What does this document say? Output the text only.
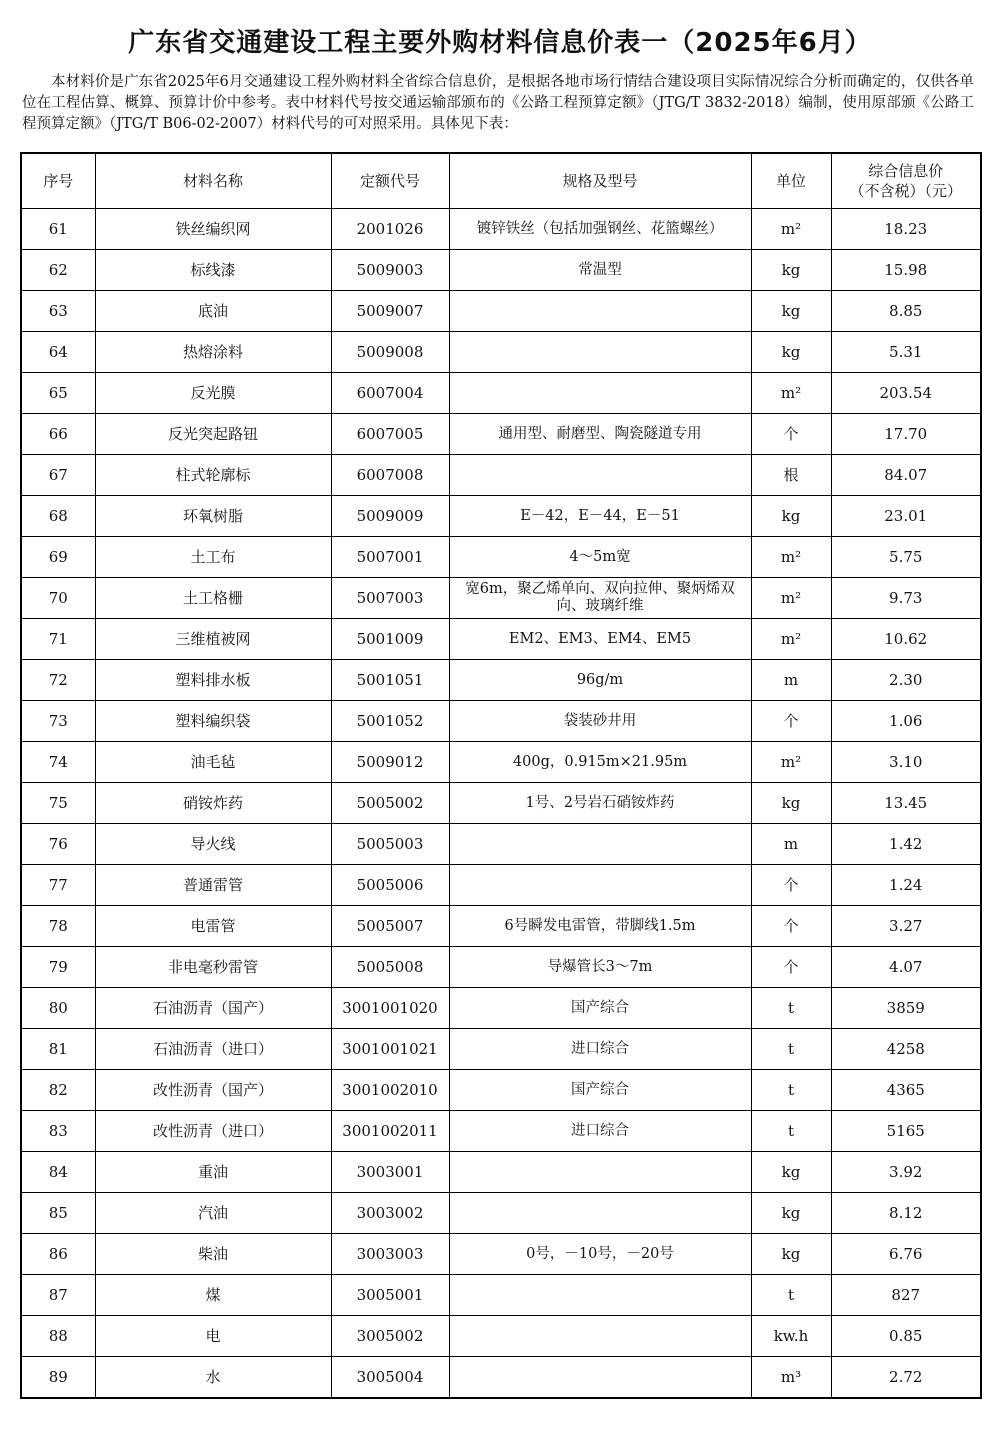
广东省交通建设工程主要外购材料信息价表一（2025年6月）
本材料价是广东省2025年6月交通建设工程外购材料全省综合信息价，是根据各地市场行情结合建设项目实际情况综合分析而确定的，仅供各单位在工程估算、概算、预算计价中参考。表中材料代号按交通运输部颁布的《公路工程预算定额》（JTG/T 3832-2018）编制，使用原部颁《公路工程预算定额》（JTG/T B06-02-2007）材料代号的可对照采用。具体见下表：
序号	材料名称	定额代号	规格及型号	单位	综合信息价
（不含税）（元）

61	铁丝编织网	2001026	镀锌铁丝（包括加强钢丝、花篮螺丝）	m²	18.23
62	标线漆	5009003	常温型	kg	15.98
63	底油	5009007		kg	8.85
64	热熔涂料	5009008		kg	5.31
65	反光膜	6007004		m²	203.54
66	反光突起路钮	6007005	通用型、耐磨型、陶瓷隧道专用	个	17.70
67	柱式轮廓标	6007008		根	84.07
68	环氧树脂	5009009	E－42，E－44，E－51	kg	23.01
69	土工布	5007001	4～5m宽	m²	5.75
70	土工格栅	5007003	宽6m，聚乙烯单向、双向拉伸、聚炳烯双向、玻璃纤维	m²	9.73
71	三维植被网	5001009	EM2、EM3、EM4、EM5	m²	10.62
72	塑料排水板	5001051	96g/m	m	2.30
73	塑料编织袋	5001052	袋装砂井用	个	1.06
74	油毛毡	5009012	400g，0.915m×21.95m	m²	3.10
75	硝铵炸药	5005002	1号、2号岩石硝铵炸药	kg	13.45
76	导火线	5005003		m	1.42
77	普通雷管	5005006		个	1.24
78	电雷管	5005007	6号瞬发电雷管，带脚线1.5m	个	3.27
79	非电毫秒雷管	5005008	导爆管长3～7m	个	4.07
80	石油沥青（国产）	3001001020	国产综合	t	3859
81	石油沥青（进口）	3001001021	进口综合	t	4258
82	改性沥青（国产）	3001002010	国产综合	t	4365
83	改性沥青（进口）	3001002011	进口综合	t	5165
84	重油	3003001		kg	3.92
85	汽油	3003002		kg	8.12
86	柴油	3003003	0号，－10号，－20号	kg	6.76
87	煤	3005001		t	827
88	电	3005002		kw.h	0.85
89	水	3005004		m³	2.72
